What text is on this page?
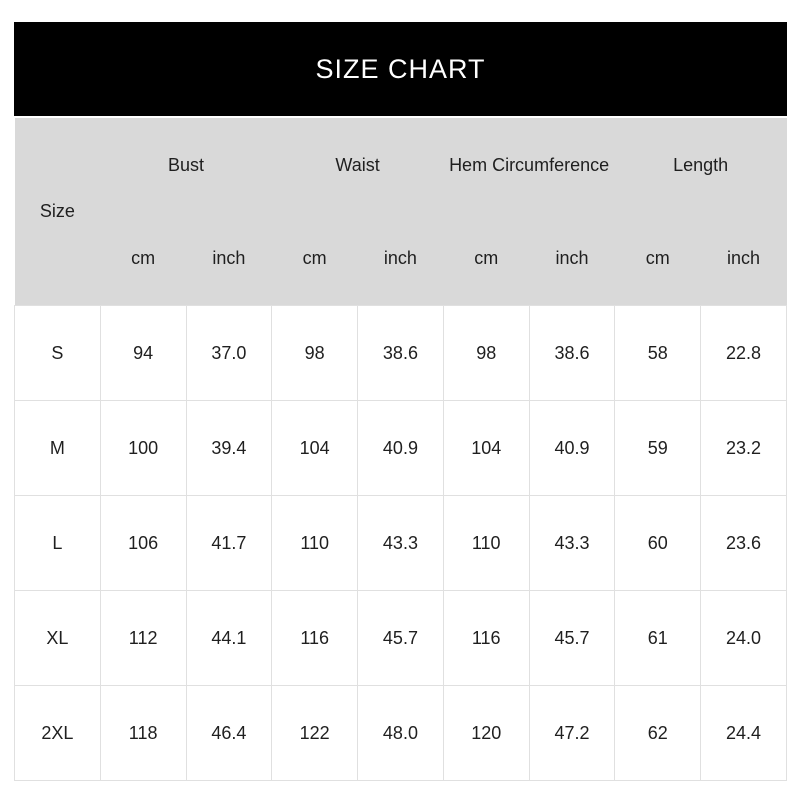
SIZE CHART
Size	Bust		Waist		Hem Circumference		Length	
	cm	inch	cm	inch	cm	inch	cm	inch
S	94	37.0	98	38.6	98	38.6	58	22.8
M	100	39.4	104	40.9	104	40.9	59	23.2
L	106	41.7	110	43.3	110	43.3	60	23.6
XL	112	44.1	116	45.7	116	45.7	61	24.0
2XL	118	46.4	122	48.0	120	47.2	62	24.4
